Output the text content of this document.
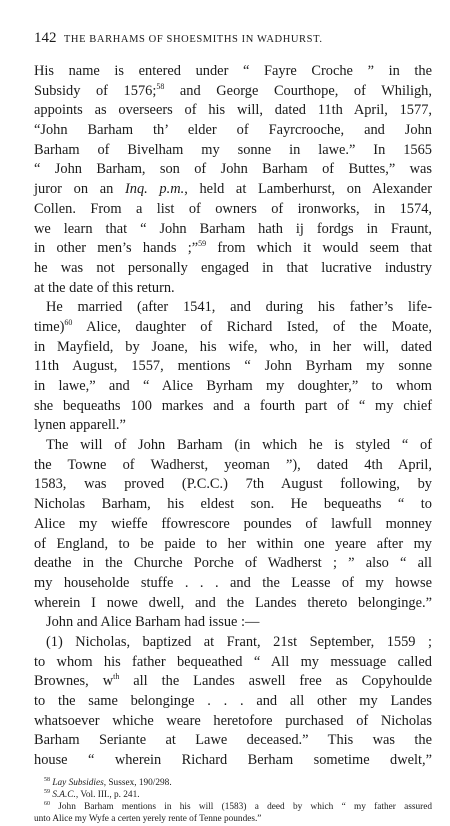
142 THE BARHAMS OF SHOESMITHS IN WADHURST.
His name is entered under “ Fayre Croche ” in the
Subsidy of 1576;$^{58}$ and George Courthope, of Whiligh,
appoints as overseers of his will, dated 11th April, 1577,
“John Barham th’ elder of Fayrcrooche, and John
Barham of Bivelham my sonne in lawe.” In 1565
“ John Barham, son of John Barham of Buttes,” was
juror on an Inq. p.m., held at Lamberhurst, on Alexander
Collen. From a list of owners of ironworks, in 1574,
we learn that “ John Barham hath ij fordgs in Fraunt,
in other men’s hands ;”$^{59}$ from which it would seem that
he was not personally engaged in that lucrative industry
at the date of this return.
He married (after 1541, and during his father’s life-
time)$^{60}$ Alice, daughter of Richard Isted, of the Moate,
in Mayfield, by Joane, his wife, who, in her will, dated
11th August, 1557, mentions “ John Byrham my sonne
in lawe,” and “ Alice Byrham my doughter,” to whom
she bequeaths 100 markes and a fourth part of “ my chief
lynen apparell.”
The will of John Barham (in which he is styled “ of
the Towne of Wadherst, yeoman ”), dated 4th April,
1583, was proved (P.C.C.) 7th August following, by
Nicholas Barham, his eldest son. He bequeaths “ to
Alice my wieffe ffowrescore poundes of lawfull monney
of England, to be paide to her within one yeare after my
deathe in the Churche Porche of Wadherst ; ” also “ all
my householde stuffe . . . and the Leasse of my howse
wherein I nowe dwell, and the Landes thereto belonginge.”
John and Alice Barham had issue :—
(1) Nicholas, baptized at Frant, 21st September, 1559 ;
to whom his father bequeathed “ All my messuage called
Brownes, $w^{th}$ all the Landes aswell free as Copyhoulde
to the same belonginge . . . and all other my Landes
whatsoever whiche weare heretofore purchased of Nicholas
Barham Seriante at Lawe deceased.” This was the
house “ wherein Richard Berham sometime dwelt,”
$^{58}$ Lay Subsidies, Sussex, 190/298.
$^{59}$ S.A.C., Vol. III., p. 241.
$^{60}$ John Barham mentions in his will (1583) a deed by which “ my father assured
unto Alice my Wyfe a certen yerely rente of Tenne poundes.”
